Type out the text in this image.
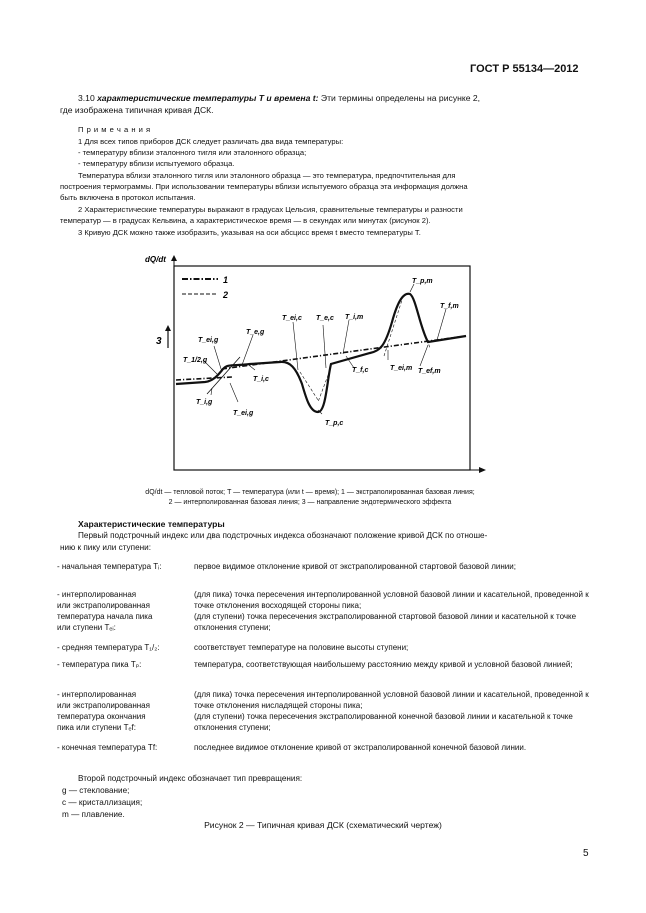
ГОСТ Р 55134—2012
3.10 характеристические температуры T и времена t: Эти термины определены на рисунке 2,
где изображена типичная кривая ДСК.
П р и м е ч а н и я
1 Для всех типов приборов ДСК следует различать два вида температуры:
- температуру вблизи эталонного тигля или эталонного образца;
- температуру вблизи испытуемого образца.
Температура вблизи эталонного тигля или эталонного образца — это температура, предпочтительная для
построения термограммы. При использовании температуры вблизи испытуемого образца эта информация должна
быть включена в протокол испытания.
2 Характеристические температуры выражают в градусах Цельсия, сравнительные температуры и разности
температур — в градусах Кельвина, а характеристическое время — в секундах или минутах (рисунок 2).
3 Кривую ДСК можно также изобразить, указывая на оси абсцисс время t вместо температуры T.
dQ/dt
1
2
3	T_ei,g
T_e,g
T_1/2,g
T_i,g
T_ei,g
T_i,c
T_ei,c T_e,c
T_p,c
T_i,m
T_f,c
T_p,m
T_f,m
T_ei,m T_ef,m
dQ/dt — тепловой поток; T — температура (или t — время); 1 — экстраполированная базовая линия;
2 — интерполированная базовая линия; 3 — направление эндотермического эффекта
Характеристические температуры
Первый подстрочный индекс или два подстрочных индекса обозначают положение кривой ДСК по отноше-
нию к пику или ступени:
- начальная температура Tᵢ:	первое видимое отклонение кривой от экстраполированной стартовой базовой линии;
- интерполированная
или экстраполированная
температура начала пика
или ступени Tₑᵢ:
(для пика) точка пересечения интерполированной условной базовой линии и касательной, проведенной к точке отклонения восходящей стороны пика;
(для ступени) точка пересечения экстраполированной стартовой базовой линии и касательной к точке отклонения ступени;
- средняя температура T₁/₂:	соответствует температуре на половине высоты ступени;
- температура пика Tₚ:	температура, соответствующая наибольшему расстоянию между кривой и условной базовой линией;
- интерполированная
или экстраполированная
температура окончания
пика или ступени Tₑf:
(для пика) точка пересечения интерполированной условной базовой линии и касательной, проведенной к точке отклонения нисладящей стороны пика;
(для ступени) точка пересечения экстраполированной конечной базовой линии и касательной к точке отклонения ступени;
- конечная температура Tf:	последнее видимое отклонение кривой от экстраполированной конечной базовой линии.
Второй подстрочный индекс обозначает тип превращения:
g — стеклование;
c — кристаллизация;
m — плавление.
Рисунок 2 — Типичная кривая ДСК (схематический чертеж)
5
